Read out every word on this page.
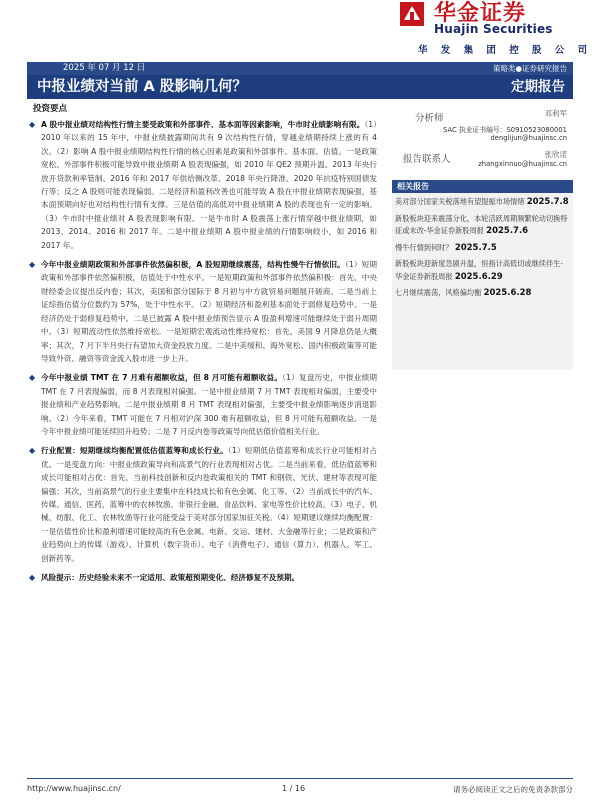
华金证券
Huajin Securities
华 发 集 团 控 股 公 司
2025 年 07 月 12 日	策略类●证券研究报告
中报业绩对当前 A 股影响几何？	定期报告
投资要点
◆ A 股中报业绩对结构性行情主要受政策和外部事件、基本面等因素影响，牛市时业绩影响有限。（1）2010 年以来的 15 年中，中报业绩披露期间共有 9 次结构性行情，穿越业绩期持续上涨的有 4 次。（2）影响 A 股中报业绩期结构性行情的核心因素是政策和外部事件、基本面、估值。一是政策宽松、外部事件积极可能导致中报业绩期 A 股表现偏强，如 2010 年 QE2 预期升温、2013 年央行放开贷款利率管制、2016 年和 2017 年供给侧改革、2018 年央行降准、2020 年抗疫特别国债发行等；反之 A 股则可能表现偏弱。二是经济和盈利改善也可能导致 A 股在中报业绩期表现偏强，基本面预期向好也对结构性行情有支撑。三是估值的高低对中报业绩期 A 股的表现也有一定的影响。（3）牛市时中报业绩对 A 股表现影响有限。一是牛市时 A 股震荡上涨行情穿越中报业绩期，如 2013、2014、2016 和 2017 年。二是中报业绩期 A 股中报业绩的行情影响较小，如 2016 和 2017 年。
◆ 今年中报业绩期政策和外部事件依然偏积极，A 股短期继续震荡，结构性慢牛行情依旧。（1）短期政策和外部事件依然偏积极，估值处于中性水平。一是短期政策和外部事件依然偏积极：首先，中央财经委会议提出反内卷；其次，美国和部分国际于 8 月初与中方就贸易问题展开磋商。二是当前上证综指估值分位数约为 57%，处于中性水平。（2）短期经济和盈利基本面处于弱修复趋势中。一是经济仍处于弱修复趋势中。二是已披露 A 股中报业绩预告显示 A 股盈利增速可能继续处于弱升周期中。（3）短期流动性依然维持宽松。一是短期宏观流动性维持宽松：首先，美国 9 月降息仍是大概率；其次，7 月下半月央行有望加大资金投放力度。二是中美缓和、海外宽松、国内积极政策等可能导致外资、融资等资金流入股市进一步上升。
◆ 今年中报业绩 TMT 在 7 月难有超额收益，但 8 月可能有超额收益。（1）复盘历史，中报业绩期 TMT 在 7 月表现偏弱，而 8 月表现相对偏强。一是中报业绩期 7 月 TMT 表现相对偏弱，主要受中报业绩和产业趋势影响。二是中报业绩期 8 月 TMT 表现相对偏强，主要受中报业绩影响逐步消退影响。（2）今年来看，TMT 可能在 7 月相对沪深 300 难有超额收益，但 8 月可能有超额收益。一是今年中报业绩可能延续回升趋势；二是 7 月反内卷等政策导向低估值价值相关行业。
◆ 行业配置：短期继续均衡配置低估值蓝筹和成长行业。（1）短期低估值蓝筹和成长行业可能相对占优。一是变盘方向：中报业绩政策导向和高景气的行业表现相对占优。二是当前来看，低估值蓝筹和成长可能相对占优：首先，当前科技创新和反内卷政策相关的 TMT 和钢铁、光伏、建材等表现可能偏强；其次，当前高景气的行业主要集中在科技成长和有色金属、化工等。（2）当前成长中的汽车、传媒、通信、医药，蓝筹中的农林牧渔、非银行金融、食品饮料、家电等性价比较高。（3）电子、机械、纺服、化工、农林牧渔等行业可能受益于美对部分国家加征关税。（4）短期建议继续均衡配置：一是估值性价比和盈利增速可能较高的有色金属、电新、交运、建材、大金融等行业；二是政策和产业趋势向上的传媒（游戏）、计算机（数字货币）、电子（消费电子）、通信（算力）、机器人、军工、创新药等。
◆ 风险提示：历史经验未来不一定适用、政策超预期变化、经济修复不及预期。
邓利军
SAC 执业证书编号：S0910523080001
denglijun@huajinsc.cn
分析师
报告联系人	张欣诺
zhangxinnuo@huajinsc.cn
相关报告
美对部分国家关税落地有望提振市场情绪 2025.7.8
新股板块迎来震荡分化，本轮活跃周期频繁轮动切换特征或未改-华金证券新股周报 2025.7.6
慢牛行情到何时？ 2025.7.5
新股板块迎新度急剧升温，恒指计高低切或继续伴生-华金证券新股周报 2025.6.29
七月继续震荡，风格偏均衡 2025.6.28
http://www.huajinsc.cn/	1 / 16	请务必阅读正文之后的免责条款部分
